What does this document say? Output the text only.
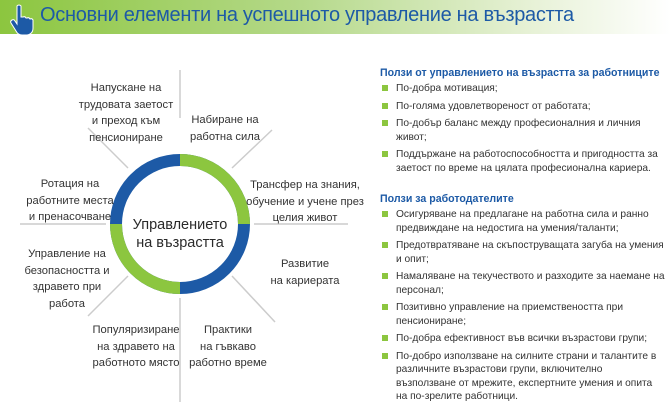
Основни елементи на успешното управление на възрастта
Управлението
на възрастта
Набиране на
работна сила
Трансфер на знания,
обучение и учене през
целия живот
Развитие
на кариерата
Практики
на гъвкаво
работно време
Популяризиране
на здравето на
работното място
Управление на
безопасността и
здравето при
работа
Ротация на
работните места
и пренасочване
Напускане на
трудовата заетост
и преход към
пенсиониране
Ползи от управлението на възрастта за работниците
По-добра мотивация;
По-голяма удовлетвореност от работата;
По-добър баланс между професионалния и личния живот;
Поддържане на работоспособността и пригодността за заетост по време на цялата професионална кариера.
Ползи за работодателите
Осигуряване на предлагане на работна сила и ранно предвиждане на недостига на умения/таланти;
Предотвратяване на скъпоструващата загуба на умения и опит;
Намаляване на текучеството и разходите за наемане на персонал;
Позитивно управление на приемствеността при пенсиониране;
По-добра ефективност във всички възрастови групи;
По-добро използване на силните страни и талантите в различните възрастови групи, включително възползване от мрежите, експертните умения и опита на по-зрелите работници.
